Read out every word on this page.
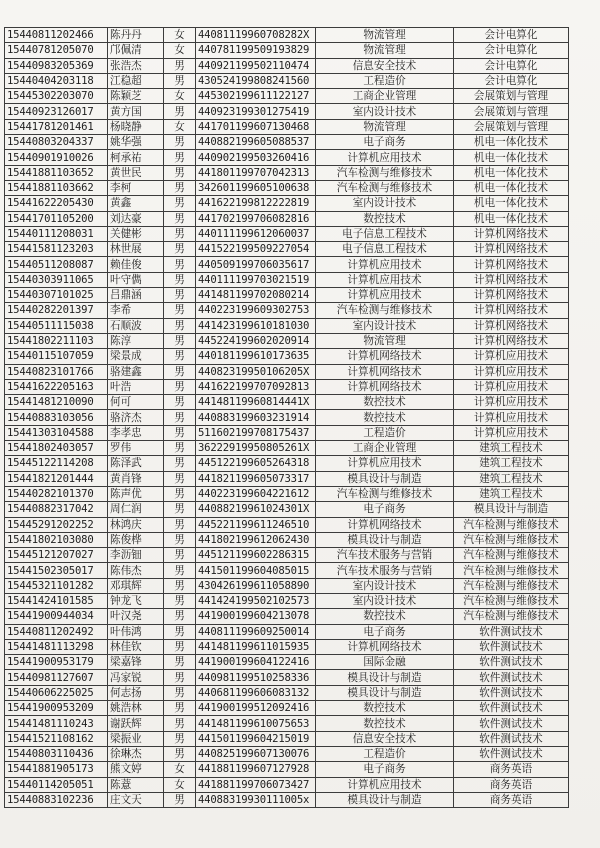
15440811202466	陈丹丹	女	44081119960708282X	物流管理	会计电算化
15440781205070	邝佩清	女	440781199509193829	物流管理	会计电算化
15440983205369	张浩杰	男	440921199502110474	信息安全技术	会计电算化
15440404203118	江稳超	男	430524199808241560	工程造价	会计电算化
15445302203070	陈颖芝	女	445302199611122127	工商企业管理	会展策划与管理
15440923126017	黄方国	男	440923199301275419	室内设计技术	会展策划与管理
15441781201461	杨晓静	女	441701199607130468	物流管理	会展策划与管理
15440803204337	姚华强	男	440882199605088537	电子商务	机电一体化技术
15440901910026	柯承祐	男	440902199503260416	计算机应用技术	机电一体化技术
15441881103652	黄世民	男	441801199707042313	汽车检测与维修技术	机电一体化技术
15441881103662	李柯	男	342601199605100638	汽车检测与维修技术	机电一体化技术
15441622205430	黄鑫	男	441622199812222819	室内设计技术	机电一体化技术
15441701105200	刘达豪	男	441702199706082816	数控技术	机电一体化技术
15440111208031	关健彬	男	440111199612060037	电子信息工程技术	计算机网络技术
15441581123203	林世展	男	441522199509227054	电子信息工程技术	计算机网络技术
15440511208087	赖佳俊	男	440509199706035617	计算机应用技术	计算机网络技术
15440303911065	叶守儁	男	440111199703021519	计算机应用技术	计算机网络技术
15440307101025	吕鼎涵	男	441481199702080214	计算机应用技术	计算机网络技术
15440282201397	李希	男	440223199609302753	汽车检测与维修技术	计算机网络技术
15440511115038	石顺波	男	441423199610181030	室内设计技术	计算机网络技术
15441802211103	陈淳	男	445224199602020914	物流管理	计算机网络技术
15440115107059	梁景成	男	440181199610173635	计算机网络技术	计算机应用技术
15440823101766	骆建鑫	男	44082319950106205X	计算机网络技术	计算机应用技术
15441622205163	叶浩	男	441622199707092813	计算机网络技术	计算机应用技术
15441481210090	何可	男	44148119960814441X	数控技术	计算机应用技术
15440883103056	骆济杰	男	440883199603231914	数控技术	计算机应用技术
15441303104588	李孝忠	男	511602199708175437	工程造价	计算机应用技术
15441802403057	罗伟	男	36222919950805261X	工商企业管理	建筑工程技术
15445122114208	陈泽武	男	445122199605264318	计算机应用技术	建筑工程技术
15441821201444	黄肖锋	男	441821199605073317	模具设计与制造	建筑工程技术
15440282101370	陈声优	男	440223199604221612	汽车检测与维修技术	建筑工程技术
15440882317042	周仁润	男	44088219961024301X	电子商务	模具设计与制造
15445291202252	林鸿庆	男	445221199611246510	计算机网络技术	汽车检测与维修技术
15441802103080	陈俊桦	男	441802199612062430	模具设计与制造	汽车检测与维修技术
15445121207027	李沥钿	男	445121199602286315	汽车技术服务与营销	汽车检测与维修技术
15441502305017	陈伟杰	男	441501199604085015	汽车技术服务与营销	汽车检测与维修技术
15445321101282	邓琪辉	男	430426199611058890	室内设计技术	汽车检测与维修技术
15441424101585	钟龙飞	男	441424199502102573	室内设计技术	汽车检测与维修技术
15441900944034	叶汉尧	男	441900199604213078	数控技术	汽车检测与维修技术
15440811202492	叶伟鸿	男	440811199609250014	电子商务	软件测试技术
15441481113298	林佳钦	男	441481199611015935	计算机网络技术	软件测试技术
15441900953179	梁嘉锋	男	441900199604122416	国际金融	软件测试技术
15440981127607	冯家锐	男	440981199510258336	模具设计与制造	软件测试技术
15440606225025	何志扬	男	440681199606083132	模具设计与制造	软件测试技术
15441900953209	姚浩林	男	441900199512092416	数控技术	软件测试技术
15441481110243	谢跃辉	男	441481199610075653	数控技术	软件测试技术
15441521108162	梁振业	男	441501199604215019	信息安全技术	软件测试技术
15440803110436	徐琳杰	男	440825199607130076	工程造价	软件测试技术
15441881905173	熊文婷	女	441881199607127928	电子商务	商务英语
15440114205051	陈薏	女	441881199706073427	计算机应用技术	商务英语
15440883102236	庄文天	男	44088319930111005x	模具设计与制造	商务英语
